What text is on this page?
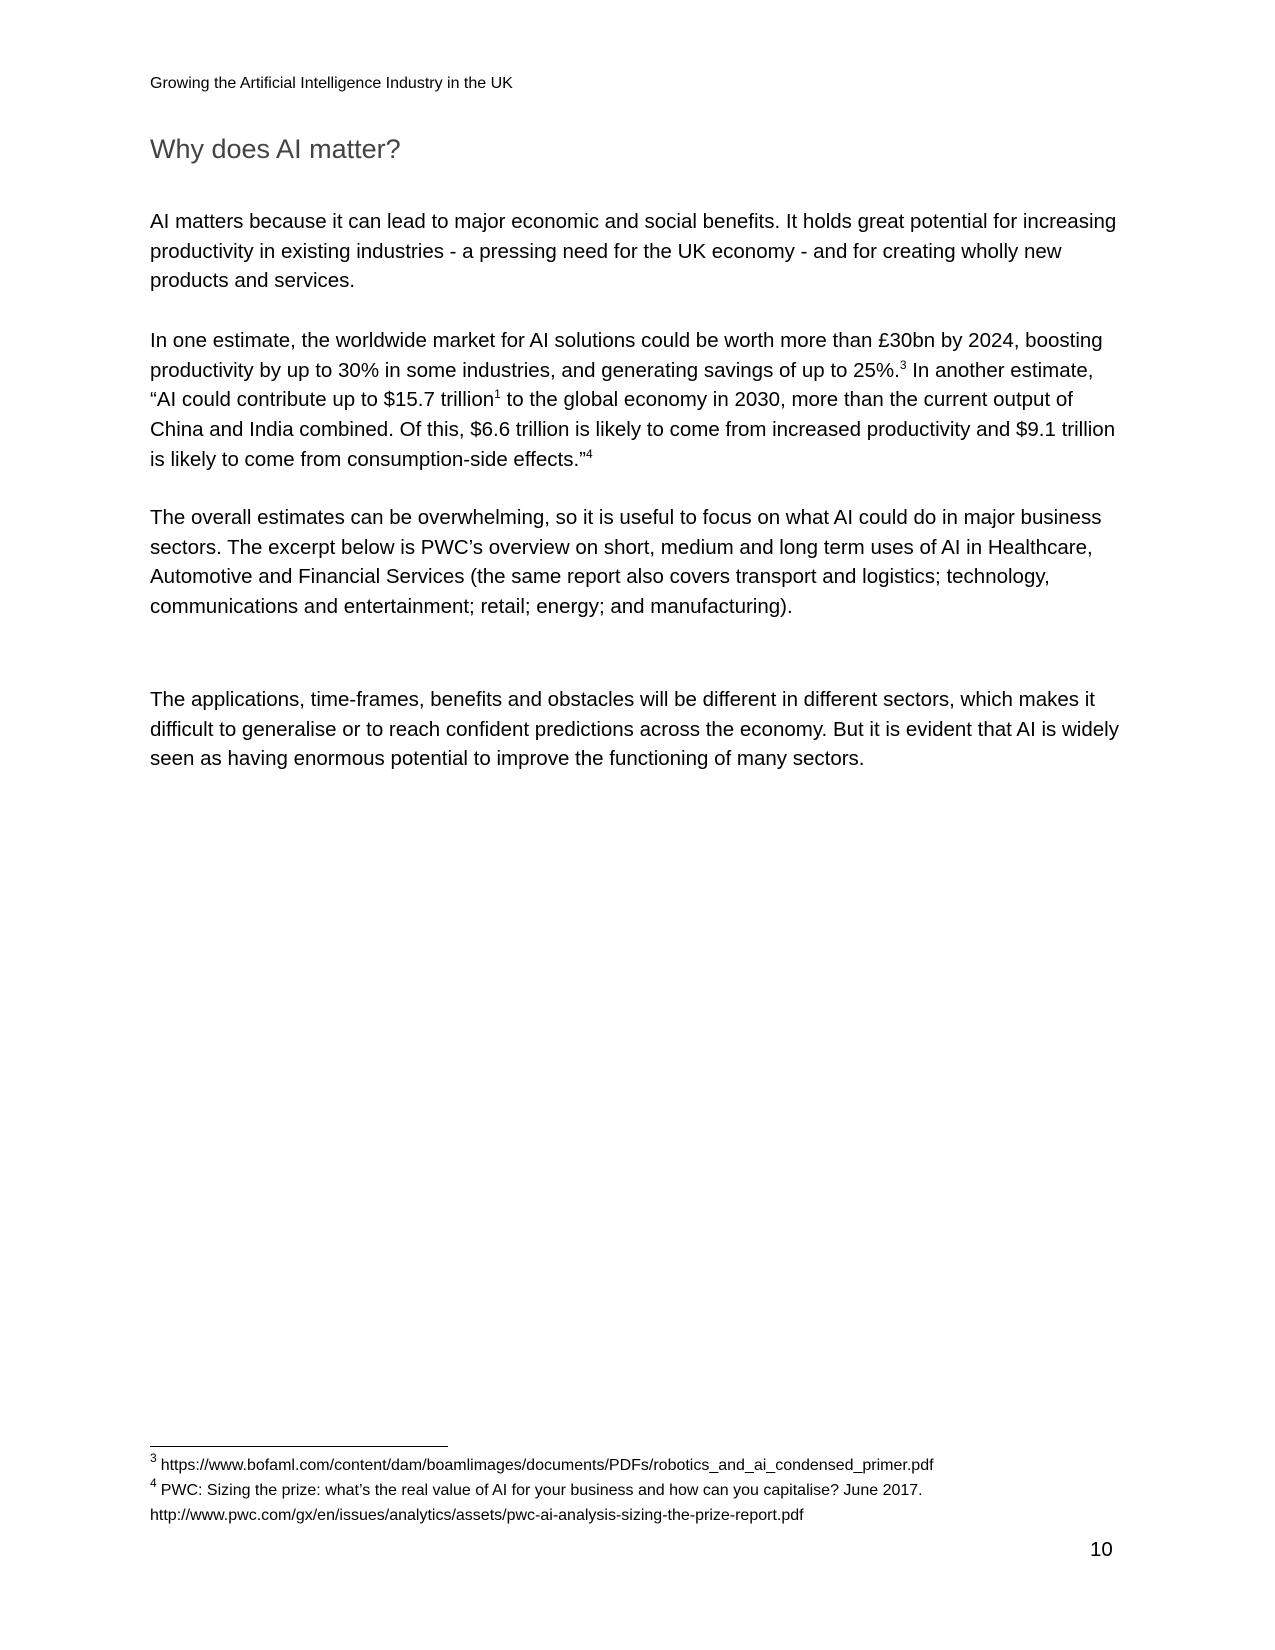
Growing the Artificial Intelligence Industry in the UK
Why does AI matter?

AI matters because it can lead to major economic and social benefits. It holds great potential for increasing productivity in existing industries - a pressing need for the UK economy - and for creating wholly new products and services.

In one estimate, the worldwide market for AI solutions could be worth more than £30bn by 2024, boosting productivity by up to 30% in some industries, and generating savings of up to 25%.$^3$ In another estimate, “AI could contribute up to $15.7 trillion$^1$ to the global economy in 2030, more than the current output of China and India combined. Of this, $6.6 trillion is likely to come from increased productivity and $9.1 trillion is likely to come from consumption-side effects.”$^4$

The overall estimates can be overwhelming, so it is useful to focus on what AI could do in major business sectors. The excerpt below is PWC’s overview on short, medium and long term uses of AI in Healthcare, Automotive and Financial Services (the same report also covers transport and logistics; technology, communications and entertainment; retail; energy; and manufacturing).

The applications, time-frames, benefits and obstacles will be different in different sectors, which makes it difficult to generalise or to reach confident predictions across the economy. But it is evident that AI is widely seen as having enormous potential to improve the functioning of many sectors.

$^3$ https://www.bofaml.com/content/dam/boamlimages/documents/PDFs/robotics_and_ai_condensed_primer.pdf
$^4$ PWC: Sizing the prize: what’s the real value of AI for your business and how can you capitalise? June 2017.
http://www.pwc.com/gx/en/issues/analytics/assets/pwc-ai-analysis-sizing-the-prize-report.pdf
10
